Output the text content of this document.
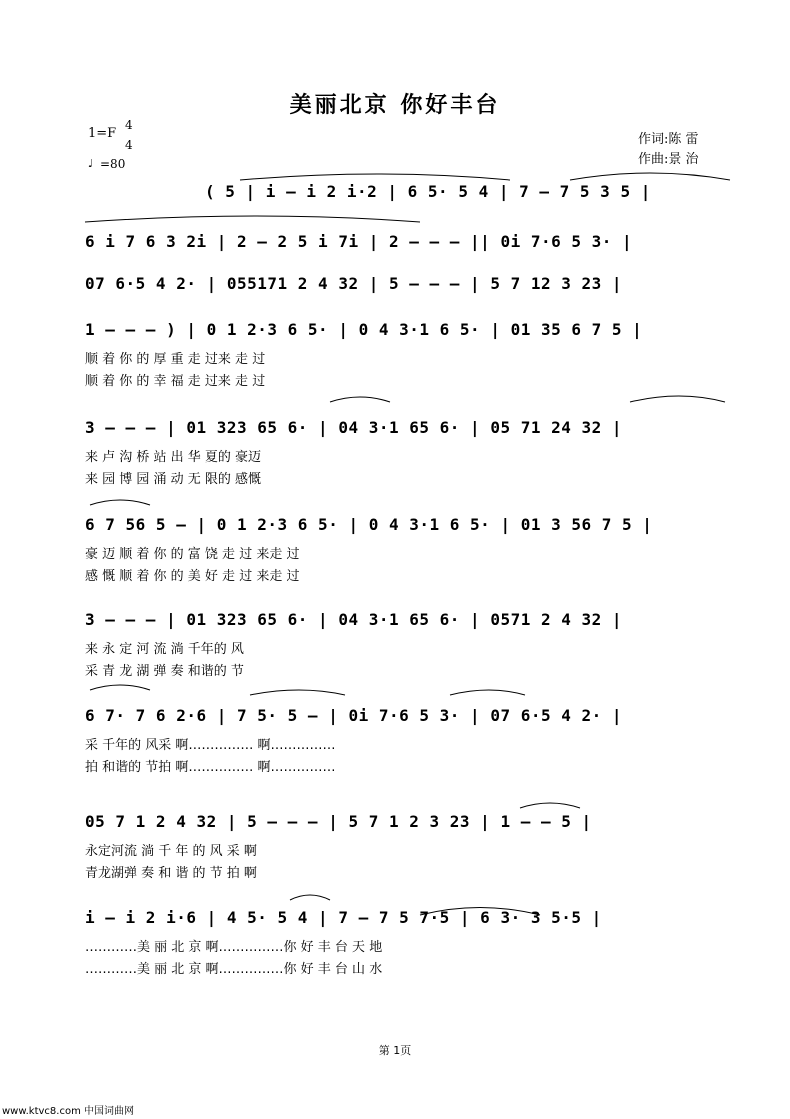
美丽北京 你好丰台
1=F
4
4
♩ =80
作词:陈 雷
作曲:景 治
( 5 | i – i 2 i·2 | 6 5· 5 4 | 7 – 7 5 3 5 |
6 i 7 6 3 2i | 2 – 2 5 i 7i | 2 – – – || 0i 7·6 5 3· |
07 6·5 4 2· | 055171 2 4 32 | 5 – – – | 5 7 12 3 23 |
1 – – – ) | 0 1 2·3 6 5· | 0 4 3·1 6 5· | 01 35 6 7 5 |
顺 着 你 的 厚 重 走 过来 走 过
顺 着 你 的 幸 福 走 过来 走 过
3 – – – | 01 323 65 6· | 04 3·1 65 6· | 05 71 24 32 |
来 卢 沟 桥 站 出 华 夏的 豪迈
来 园 博 园 涌 动 无 限的 感慨
6 7 56 5 – | 0 1 2·3 6 5· | 0 4 3·1 6 5· | 01 3 56 7 5 |
豪 迈 顺 着 你 的 富 饶 走 过 来走 过
感 慨 顺 着 你 的 美 好 走 过 来走 过
3 – – – | 01 323 65 6· | 04 3·1 65 6· | 0571 2 4 32 |
来 永 定 河 流 淌 千年的 风
采 青 龙 湖 弹 奏 和谐的 节
6 7· 7 6 2·6 | 7 5· 5 – | 0i 7·6 5 3· | 07 6·5 4 2· |
采 千年的 风采 啊…………… 啊……………
拍 和谐的 节拍 啊…………… 啊……………
05 7 1 2 4 32 | 5 – – – | 5 7 1 2 3 23 | 1 – – 5 |
永定河流 淌 千 年 的 风 采 啊
青龙湖弹 奏 和 谐 的 节 拍 啊
i – i 2 i·6 | 4 5· 5 4 | 7 – 7 5 7·5 | 6 3· 3 5·5 |
…………美 丽 北 京 啊……………你 好 丰 台 天 地
…………美 丽 北 京 啊……………你 好 丰 台 山 水
第 1页
www.ktvc8.com 中国词曲网
